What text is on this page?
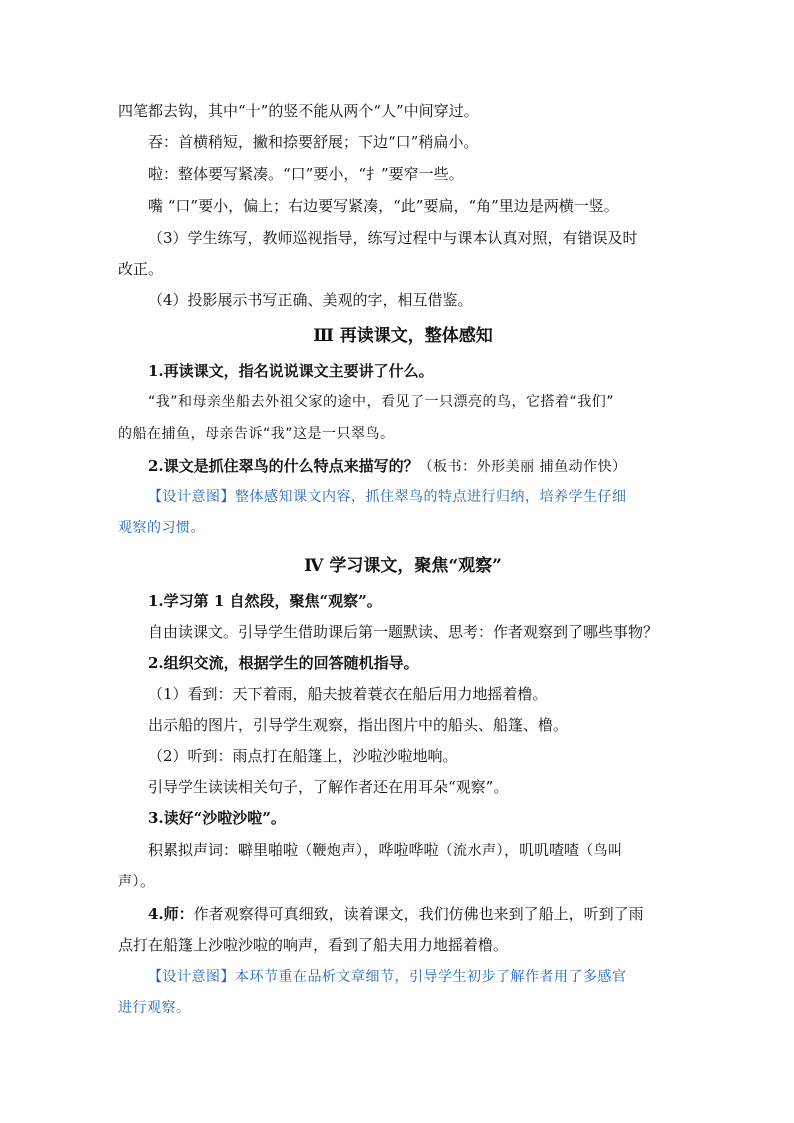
四笔都去钩，其中“十”的竖不能从两个“人”中间穿过。

吞：首横稍短，撇和捺要舒展；下边“口”稍扁小。

啦：整体要写紧凑。“口”要小，“扌”要窄一些。

嘴 “口”要小，偏上；右边要写紧凑，“此”要扁，“角”里边是两横一竖。

（3）学生练写，教师巡视指导，练写过程中与课本认真对照，有错误及时

改正。

（4）投影展示书写正确、美观的字，相互借鉴。

Ⅲ 再读课文，整体感知

1.再读课文，指名说说课文主要讲了什么。

“我”和母亲坐船去外祖父家的途中，看见了一只漂亮的鸟，它搭着“我们”

的船在捕鱼，母亲告诉“我”这是一只翠鸟。

2.课文是抓住翠鸟的什么特点来描写的？（板书：外形美丽 捕鱼动作快）

【设计意图】整体感知课文内容，抓住翠鸟的特点进行归纳，培养学生仔细

观察的习惯。

Ⅳ 学习课文，聚焦“观察”

1.学习第 1 自然段，聚焦“观察”。

自由读课文。引导学生借助课后第一题默读、思考：作者观察到了哪些事物？

2.组织交流，根据学生的回答随机指导。

（1）看到：天下着雨，船夫披着蓑衣在船后用力地摇着橹。

出示船的图片，引导学生观察，指出图片中的船头、船篷、橹。

（2）听到：雨点打在船篷上，沙啦沙啦地响。

引导学生读读相关句子，了解作者还在用耳朵“观察”。

3.读好“沙啦沙啦”。

积累拟声词：噼里啪啦（鞭炮声），哗啦哗啦（流水声），叽叽喳喳（鸟叫

声）。

4.师：作者观察得可真细致，读着课文，我们仿佛也来到了船上，听到了雨

点打在船篷上沙啦沙啦的响声，看到了船夫用力地摇着橹。

【设计意图】本环节重在品析文章细节，引导学生初步了解作者用了多感官

进行观察。
